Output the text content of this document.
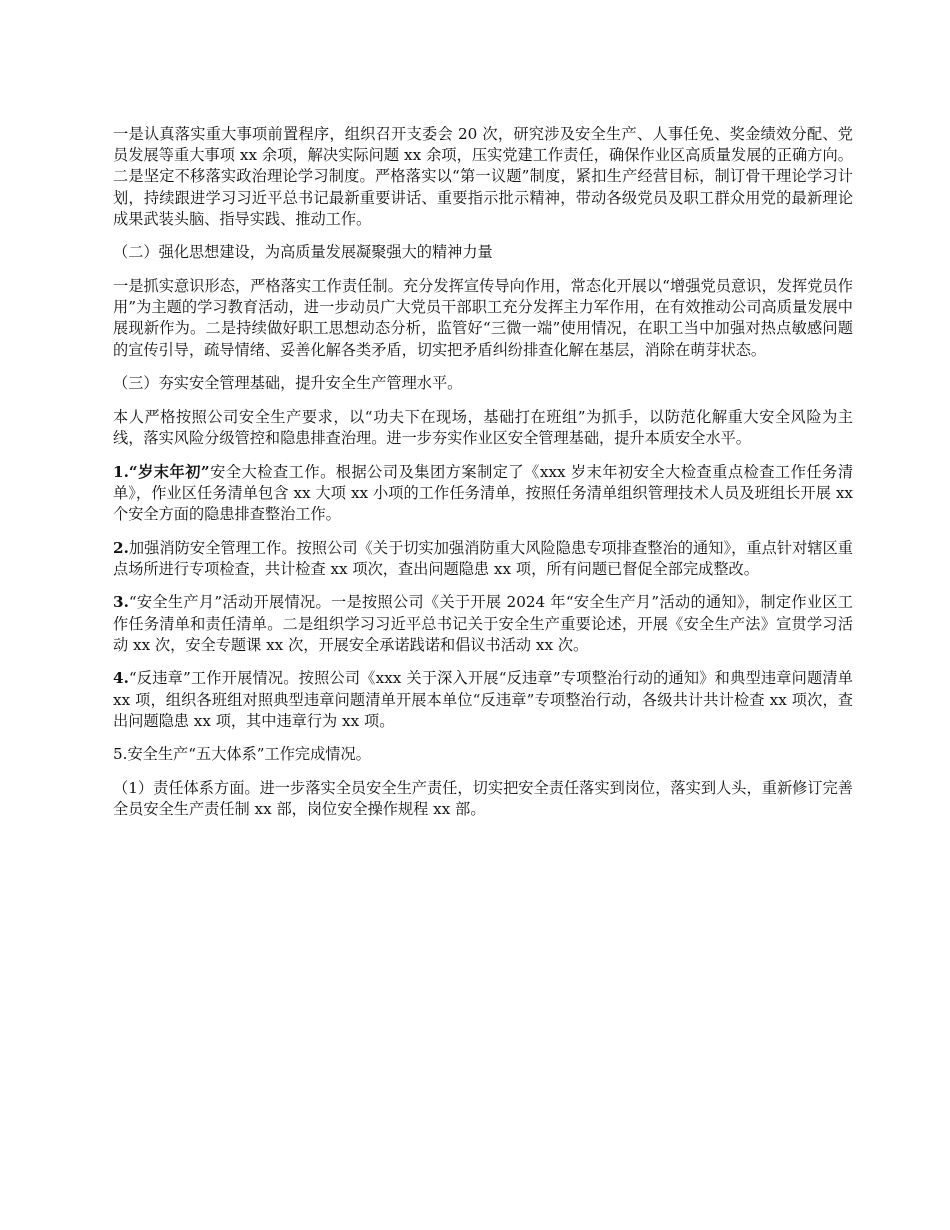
一是认真落实重大事项前置程序，组织召开支委会 20 次，研究涉及安全生产、人事任免、奖金绩效分配、党员发展等重大事项 xx 余项，解决实际问题 xx 余项，压实党建工作责任，确保作业区高质量发展的正确方向。二是坚定不移落实政治理论学习制度。严格落实以“第一议题”制度，紧扣生产经营目标，制订骨干理论学习计划，持续跟进学习习近平总书记最新重要讲话、重要指示批示精神，带动各级党员及职工群众用党的最新理论成果武装头脑、指导实践、推动工作。

（二）强化思想建设，为高质量发展凝聚强大的精神力量

一是抓实意识形态，严格落实工作责任制。充分发挥宣传导向作用，常态化开展以“增强党员意识，发挥党员作用”为主题的学习教育活动，进一步动员广大党员干部职工充分发挥主力军作用，在有效推动公司高质量发展中展现新作为。二是持续做好职工思想动态分析，监管好“三微一端”使用情况，在职工当中加强对热点敏感问题的宣传引导，疏导情绪、妥善化解各类矛盾，切实把矛盾纠纷排查化解在基层，消除在萌芽状态。

（三）夯实安全管理基础，提升安全生产管理水平。

本人严格按照公司安全生产要求，以“功夫下在现场，基础打在班组”为抓手，以防范化解重大安全风险为主线，落实风险分级管控和隐患排查治理。进一步夯实作业区安全管理基础，提升本质安全水平。

1.“岁末年初”安全大检查工作。根据公司及集团方案制定了《xxx 岁末年初安全大检查重点检查工作任务清单》，作业区任务清单包含 xx 大项 xx 小项的工作任务清单，按照任务清单组织管理技术人员及班组长开展 xx 个安全方面的隐患排查整治工作。

2.加强消防安全管理工作。按照公司《关于切实加强消防重大风险隐患专项排查整治的通知》，重点针对辖区重点场所进行专项检查，共计检查 xx 项次，查出问题隐患 xx 项，所有问题已督促全部完成整改。

3.“安全生产月”活动开展情况。一是按照公司《关于开展 2024 年“安全生产月”活动的通知》，制定作业区工作任务清单和责任清单。二是组织学习习近平总书记关于安全生产重要论述，开展《安全生产法》宣贯学习活动 xx 次，安全专题课 xx 次，开展安全承诺践诺和倡议书活动 xx 次。

4.“反违章”工作开展情况。按照公司《xxx 关于深入开展“反违章”专项整治行动的通知》和典型违章问题清单 xx 项，组织各班组对照典型违章问题清单开展本单位“反违章”专项整治行动，各级共计共计检查 xx 项次，查出问题隐患 xx 项，其中违章行为 xx 项。

5.安全生产“五大体系”工作完成情况。

（1）责任体系方面。进一步落实全员安全生产责任，切实把安全责任落实到岗位，落实到人头，重新修订完善全员安全生产责任制 xx 部，岗位安全操作规程 xx 部。
